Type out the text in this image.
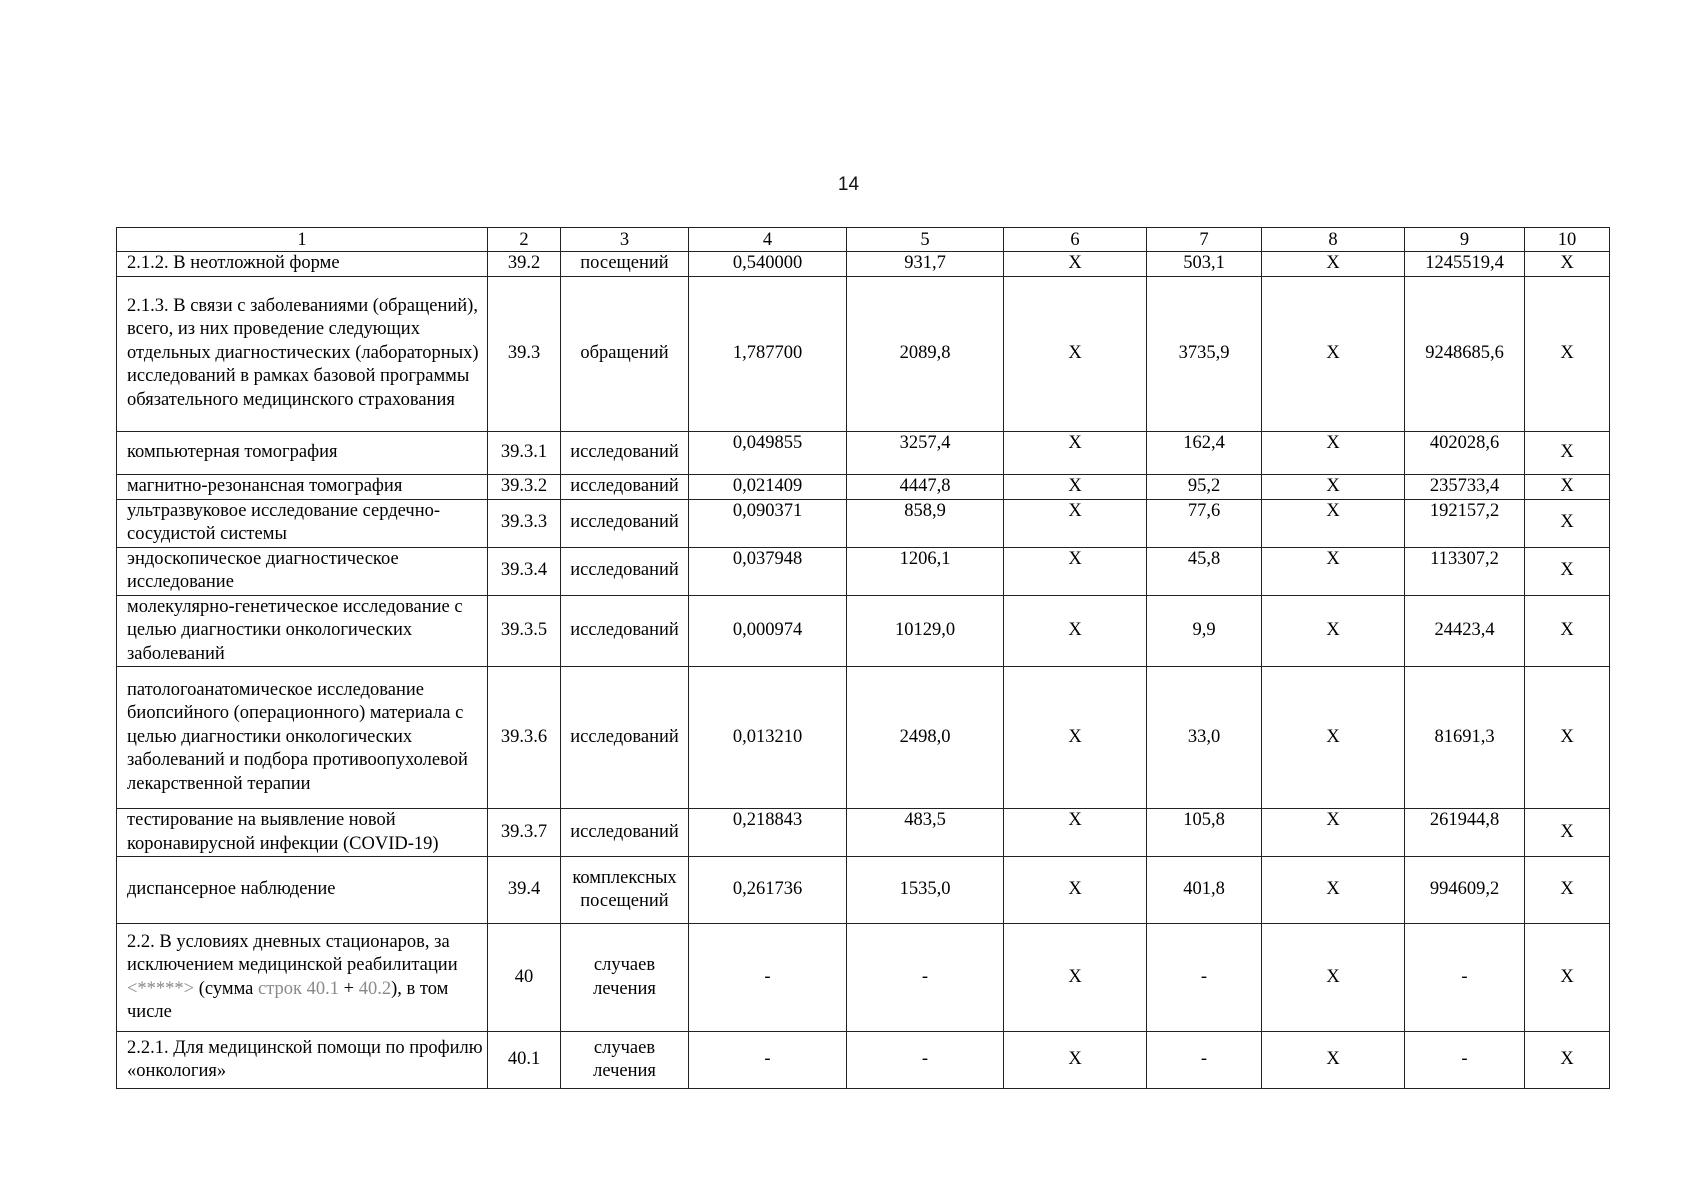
14
1	2	3	4	5	6	7	8	9	10
2.1.2. В неотложной форме	39.2	посещений	0,540000	931,7	X	503,1	X	1245519,4	X
2.1.3. В связи с заболеваниями (обращений), всего, из них проведение следующих отдельных диагностических (лабораторных) исследований в рамках базовой программы обязательного медицинского страхования	39.3	обращений	1,787700	2089,8	X	3735,9	X	9248685,6	X
компьютерная томография	39.3.1	исследований	0,049855	3257,4	X	162,4	X	402028,6	X
магнитно-резонансная томография	39.3.2	исследований	0,021409	4447,8	X	95,2	X	235733,4	X
ультразвуковое исследование сердечно-сосудистой системы	39.3.3	исследований	0,090371	858,9	X	77,6	X	192157,2	X
эндоскопическое диагностическое исследование	39.3.4	исследований	0,037948	1206,1	X	45,8	X	113307,2	X
молекулярно-генетическое исследование с целью диагностики онкологических заболеваний	39.3.5	исследований	0,000974	10129,0	X	9,9	X	24423,4	X
патологоанатомическое исследование биопсийного (операционного) материала с целью диагностики онкологических заболеваний и подбора противоопухолевой лекарственной терапии	39.3.6	исследований	0,013210	2498,0	X	33,0	X	81691,3	X
тестирование на выявление новой коронавирусной инфекции (COVID-19)	39.3.7	исследований	0,218843	483,5	X	105,8	X	261944,8	X
диспансерное наблюдение	39.4	комплексных посещений	0,261736	1535,0	X	401,8	X	994609,2	X
2.2. В условиях дневных стационаров, за исключением медицинской реабилитации <*****> (сумма строк 40.1 + 40.2), в том числе	40	случаев лечения	-	-	X	-	X	-	X
2.2.1. Для медицинской помощи по профилю «онкология»	40.1	случаев лечения	-	-	X	-	X	-	X
